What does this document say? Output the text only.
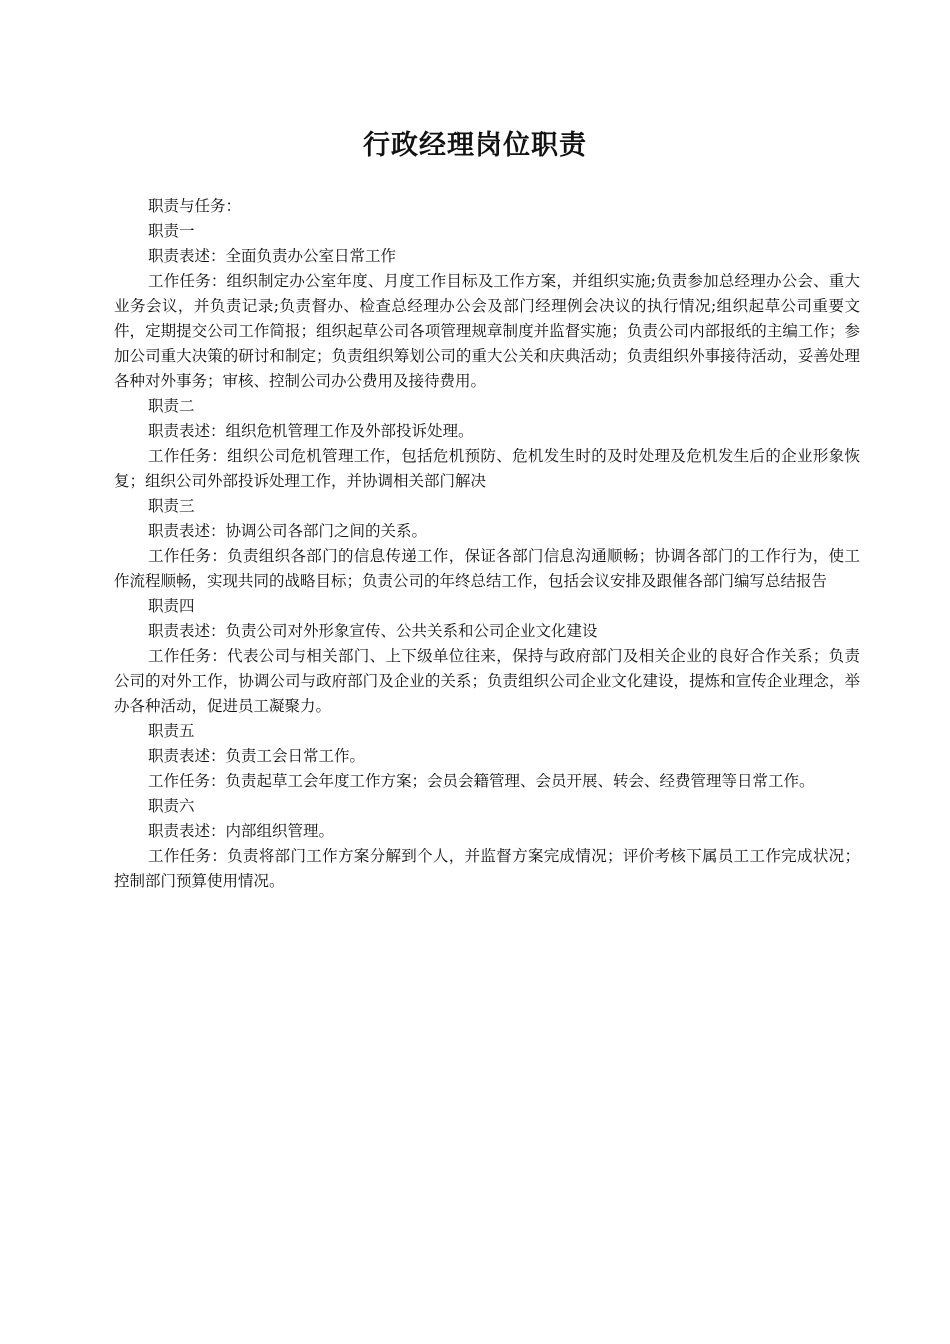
行政经理岗位职责

职责与任务：

职责一

职责表述：全面负责办公室日常工作

工作任务：组织制定办公室年度、月度工作目标及工作方案，并组织实施;负责参加总经理办公会、重大业务会议，并负责记录;负责督办、检查总经理办公会及部门经理例会决议的执行情况;组织起草公司重要文件，定期提交公司工作简报；组织起草公司各项管理规章制度并监督实施；负责公司内部报纸的主编工作；参加公司重大决策的研讨和制定；负责组织筹划公司的重大公关和庆典活动；负责组织外事接待活动，妥善处理各种对外事务；审核、控制公司办公费用及接待费用。

职责二

职责表述：组织危机管理工作及外部投诉处理。

工作任务：组织公司危机管理工作，包括危机预防、危机发生时的及时处理及危机发生后的企业形象恢复；组织公司外部投诉处理工作，并协调相关部门解决

职责三

职责表述：协调公司各部门之间的关系。

工作任务：负责组织各部门的信息传递工作，保证各部门信息沟通顺畅；协调各部门的工作行为，使工作流程顺畅，实现共同的战略目标；负责公司的年终总结工作，包括会议安排及跟催各部门编写总结报告

职责四

职责表述：负责公司对外形象宣传、公共关系和公司企业文化建设

工作任务：代表公司与相关部门、上下级单位往来，保持与政府部门及相关企业的良好合作关系；负责公司的对外工作，协调公司与政府部门及企业的关系；负责组织公司企业文化建设，提炼和宣传企业理念，举办各种活动，促进员工凝聚力。

职责五

职责表述：负责工会日常工作。

工作任务：负责起草工会年度工作方案；会员会籍管理、会员开展、转会、经费管理等日常工作。

职责六

职责表述：内部组织管理。

工作任务：负责将部门工作方案分解到个人，并监督方案完成情况；评价考核下属员工工作完成状况；控制部门预算使用情况。
